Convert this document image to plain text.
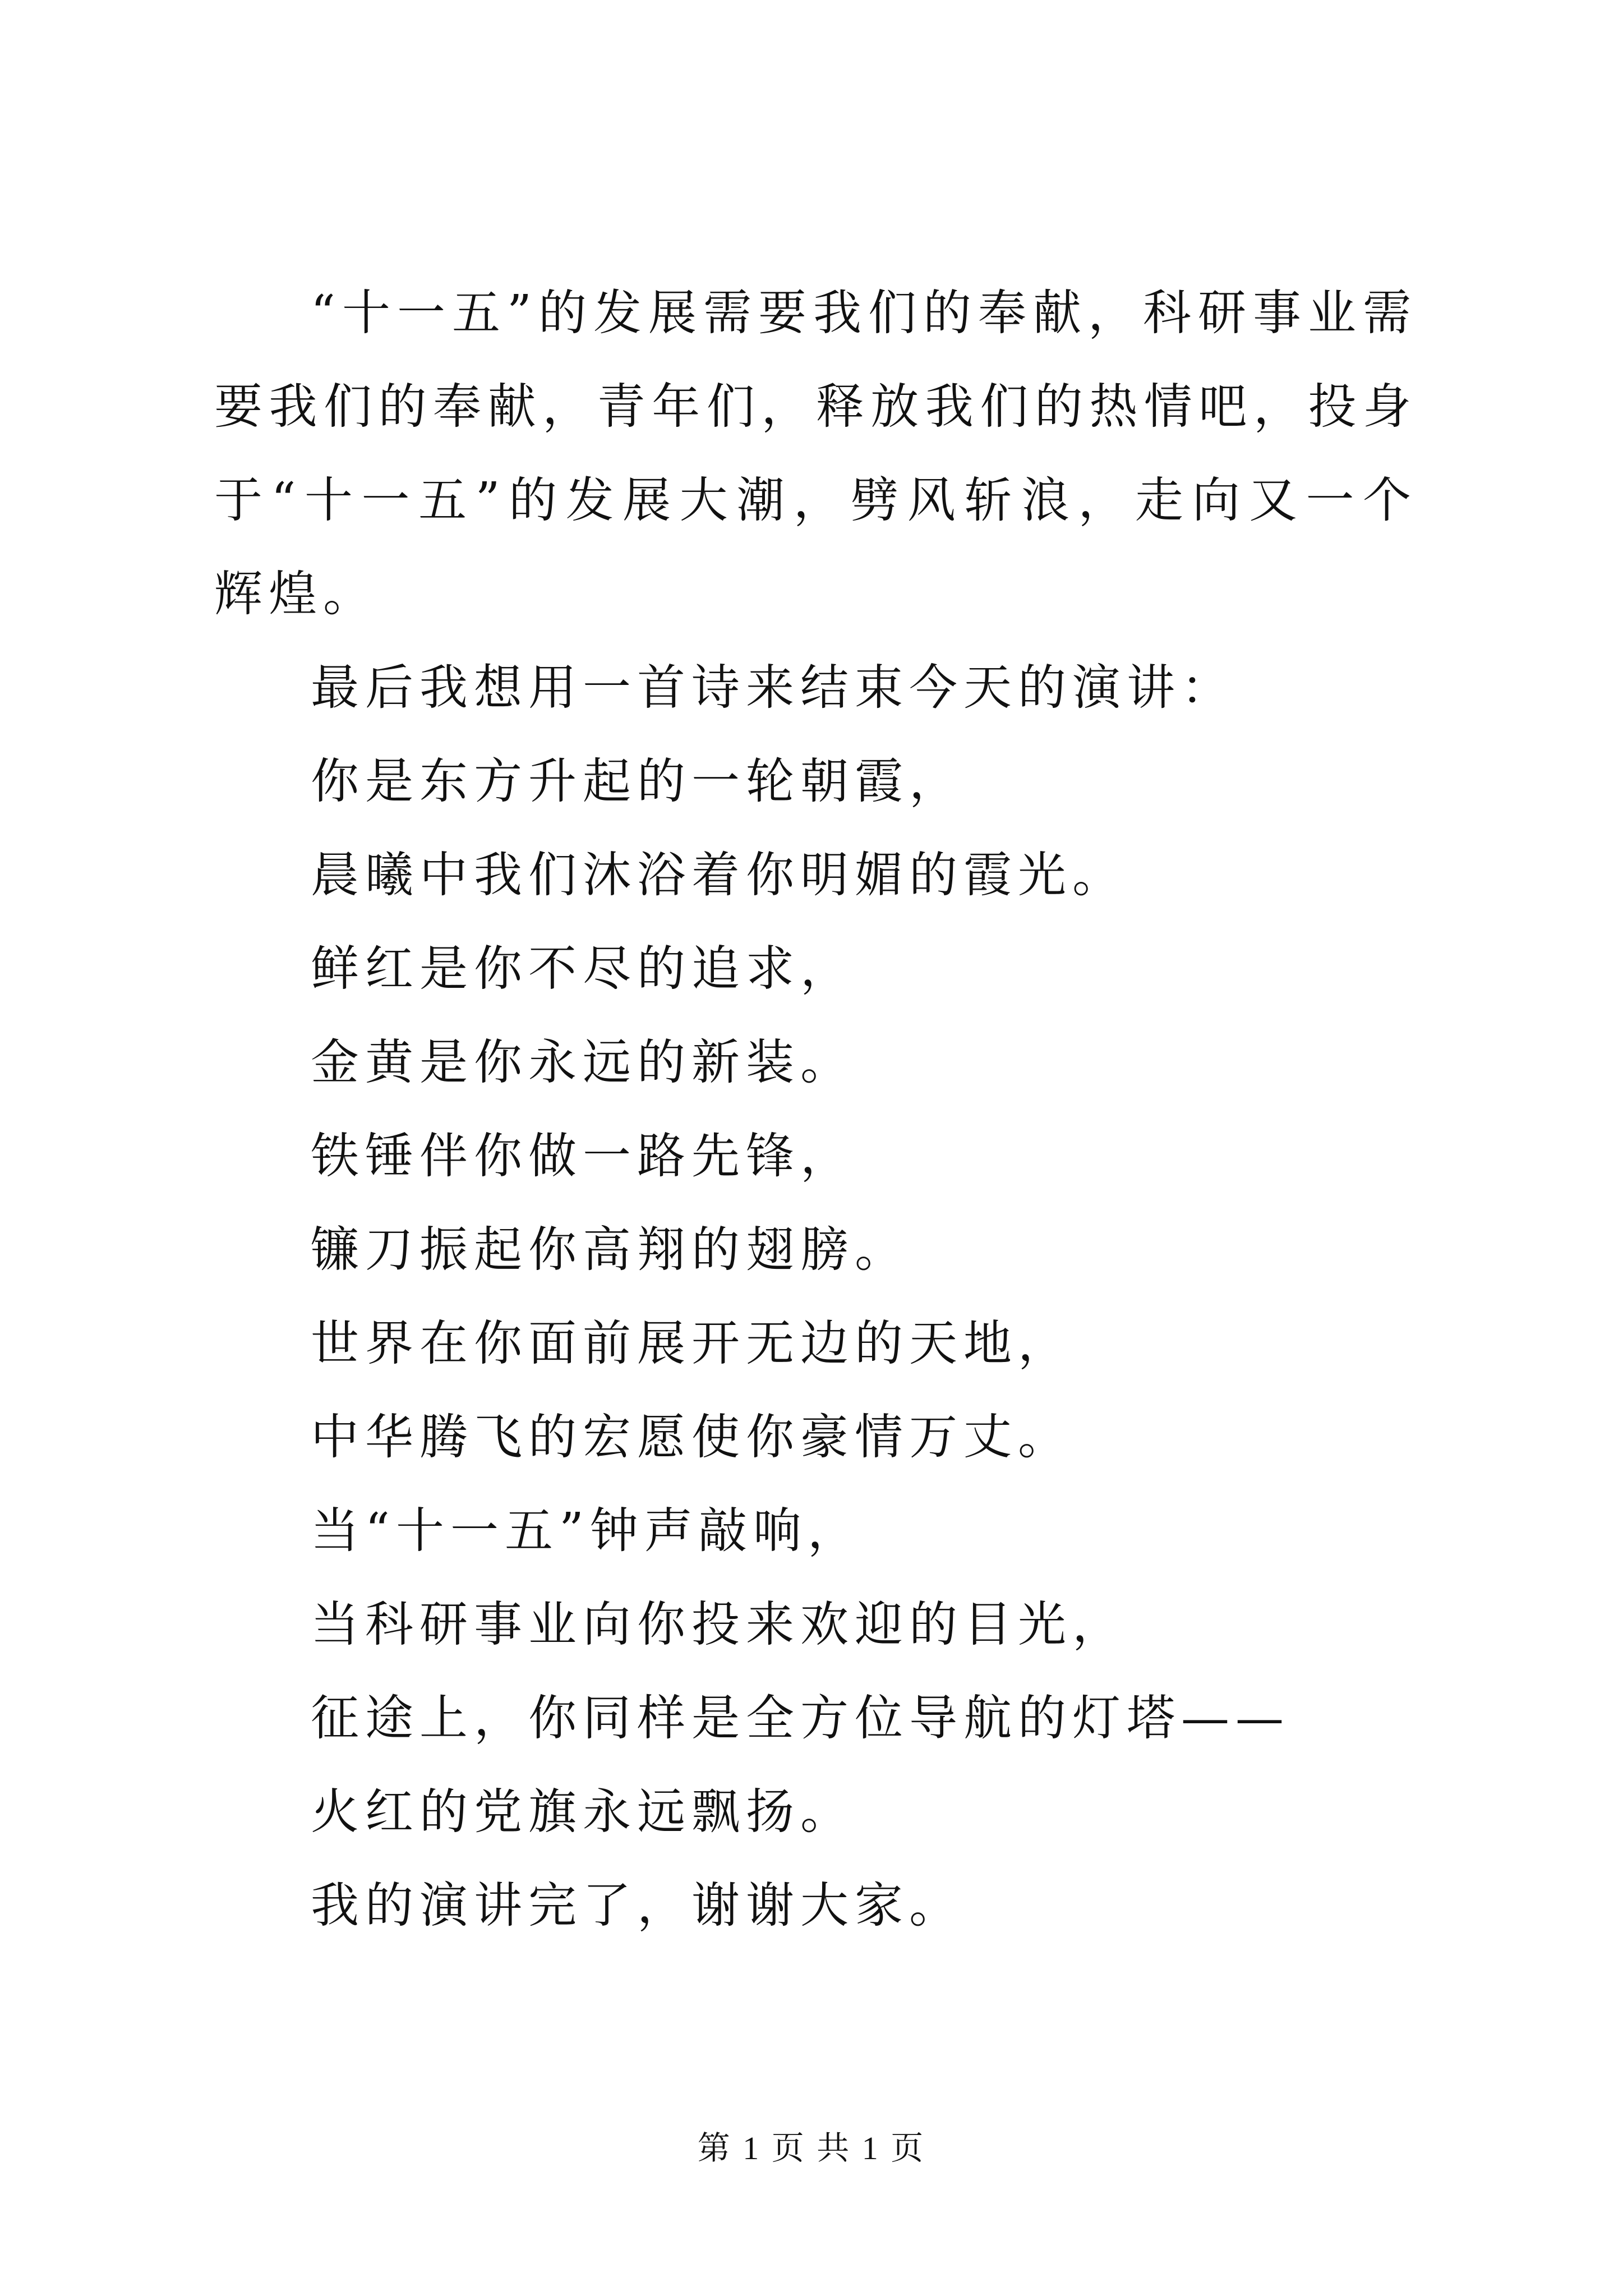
“十一五”的发展需要我们的奉献，科研事业需要我们的奉献，青年们，释放我们的热情吧，投身于“十一五”的发展大潮，劈风斩浪，走向又一个辉煌。

最后我想用一首诗来结束今天的演讲：

你是东方升起的一轮朝霞，

晨曦中我们沐浴着你明媚的霞光。

鲜红是你不尽的追求，

金黄是你永远的新装。

铁锤伴你做一路先锋，

镰刀振起你高翔的翅膀。

世界在你面前展开无边的天地，

中华腾飞的宏愿使你豪情万丈。

当“十一五”钟声敲响，

当科研事业向你投来欢迎的目光，

征途上，你同样是全方位导航的灯塔——

火红的党旗永远飘扬。

我的演讲完了，谢谢大家。

第 1 页 共 1 页
